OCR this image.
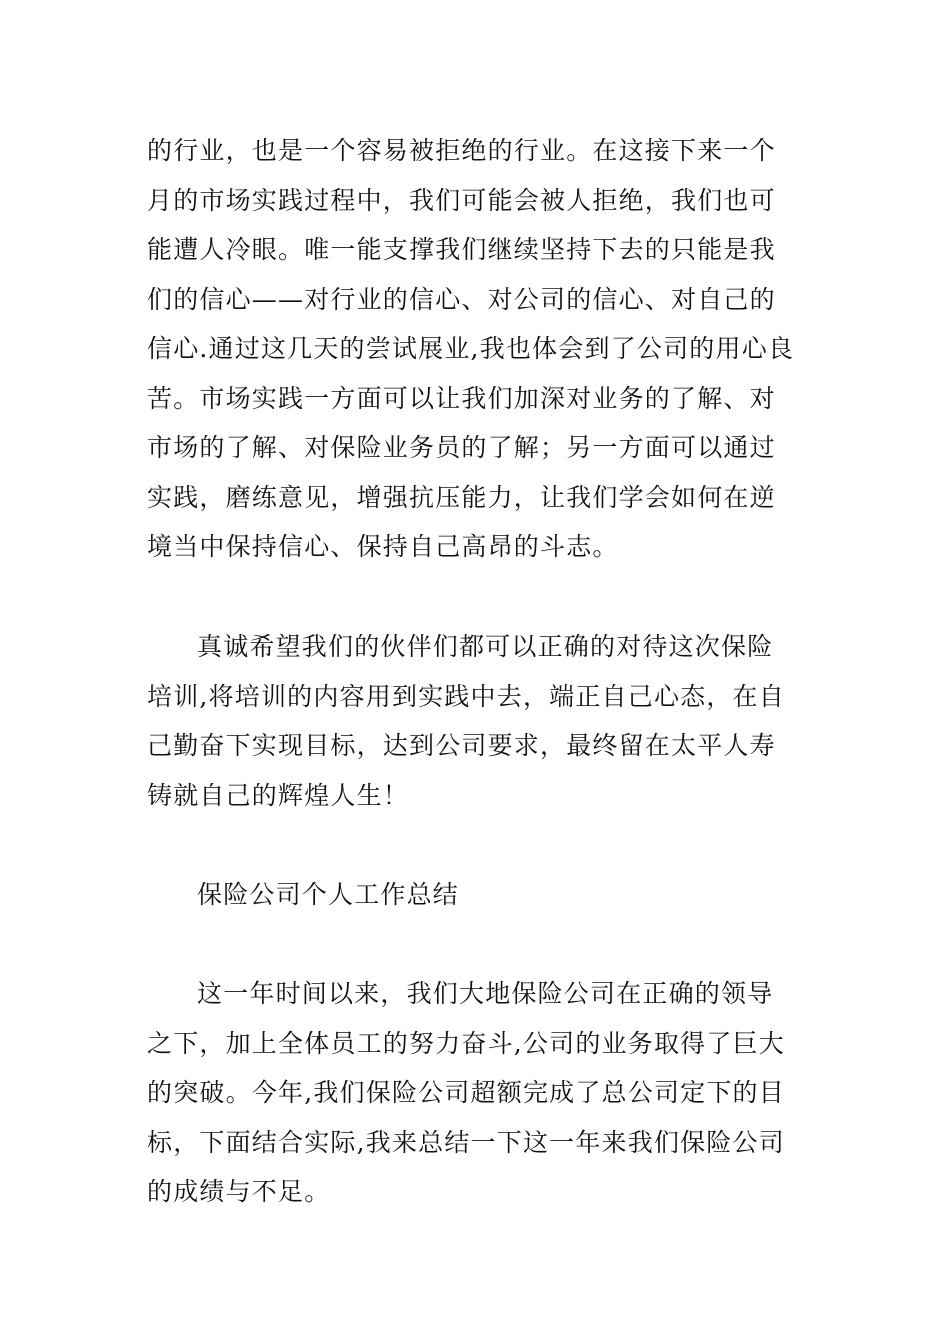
的行业，也是一个容易被拒绝的行业。在这接下来一个月的市场实践过程中，我们可能会被人拒绝，我们也可能遭人冷眼。唯一能支撑我们继续坚持下去的只能是我们的信心——对行业的信心、对公司的信心、对自己的信心.通过这几天的尝试展业,我也体会到了公司的用心良苦。市场实践一方面可以让我们加深对业务的了解、对市场的了解、对保险业务员的了解；另一方面可以通过实践，磨练意见，增强抗压能力，让我们学会如何在逆境当中保持信心、保持自己高昂的斗志。

真诚希望我们的伙伴们都可以正确的对待这次保险培训,将培训的内容用到实践中去，端正自己心态，在自己勤奋下实现目标，达到公司要求，最终留在太平人寿铸就自己的辉煌人生！

保险公司个人工作总结

这一年时间以来，我们大地保险公司在正确的领导之下，加上全体员工的努力奋斗,公司的业务取得了巨大的突破。今年,我们保险公司超额完成了总公司定下的目标，下面结合实际,我来总结一下这一年来我们保险公司的成绩与不足。
